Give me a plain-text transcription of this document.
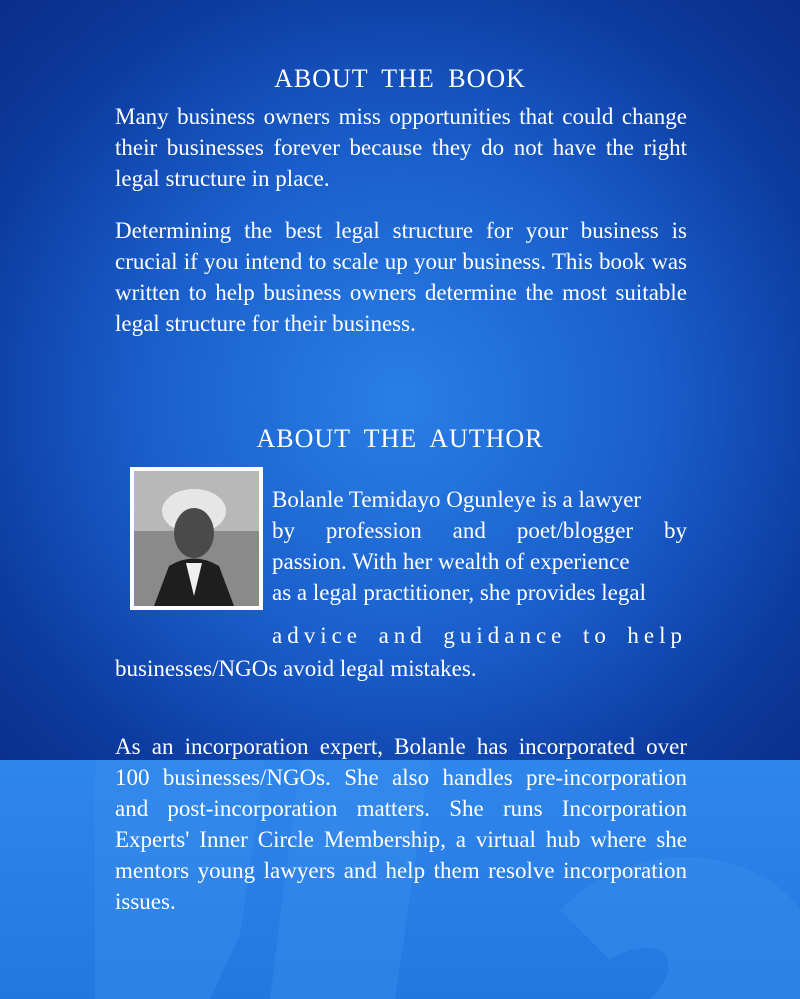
ABOUT THE BOOK
Many business owners miss opportunities that could change their businesses forever because they do not have the right legal structure in place.
Determining the best legal structure for your business is crucial if you intend to scale up your business. This book was written to help business owners determine the most suitable legal structure for their business.
ABOUT THE AUTHOR
Bolanle Temidayo Ogunleye is a lawyer
by profession and poet/blogger by
passion. With her wealth of experience
as a legal practitioner, she provides legal
advice and guidance to help
businesses/NGOs avoid legal mistakes.
As an incorporation expert, Bolanle has incorporated over 100 businesses/NGOs. She also handles pre-incorporation and post-incorporation matters. She runs Incorporation Experts' Inner Circle Membership, a virtual hub where she mentors young lawyers and help them resolve incorporation issues.
